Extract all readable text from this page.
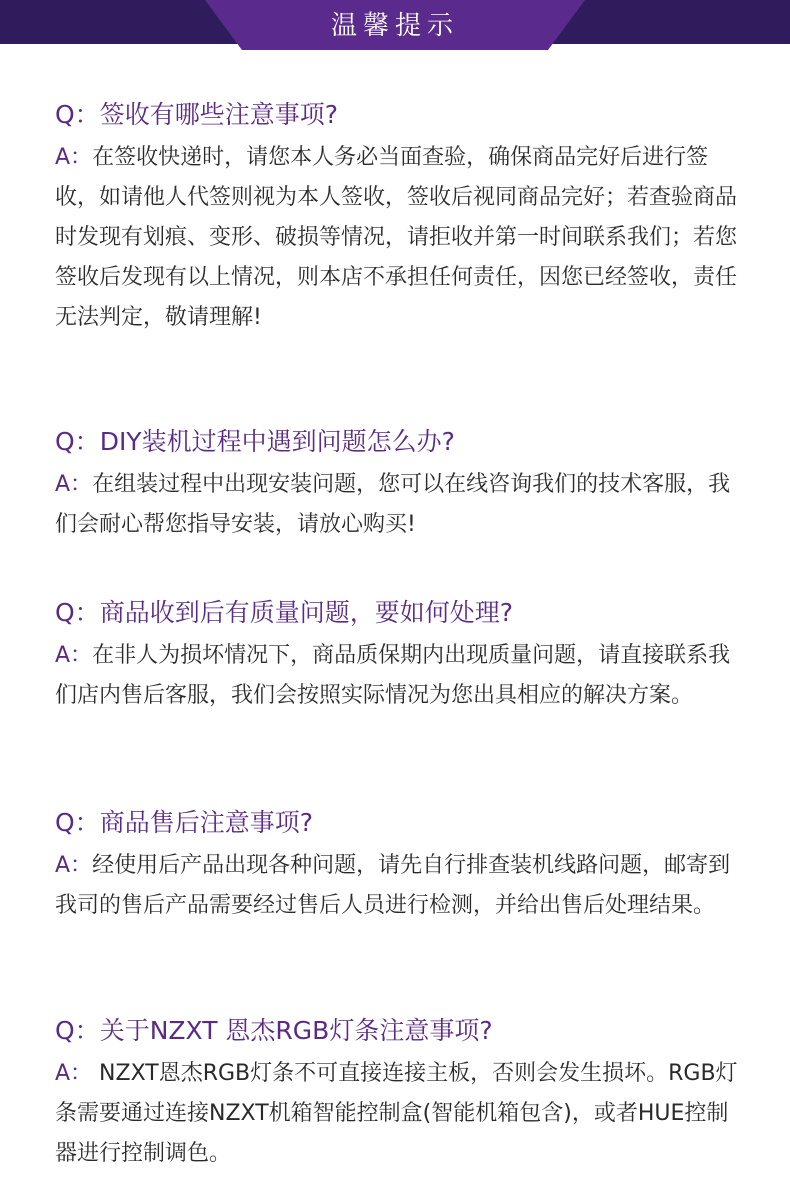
温馨提示
Q：签收有哪些注意事项?
A：在签收快递时，请您本人务必当面查验，确保商品完好后进行签收，如请他人代签则视为本人签收，签收后视同商品完好；若查验商品时发现有划痕、变形、破损等情况，请拒收并第一时间联系我们；若您签收后发现有以上情况，则本店不承担任何责任，因您已经签收，责任无法判定，敬请理解!
Q：DIY装机过程中遇到问题怎么办?
A：在组装过程中出现安装问题，您可以在线咨询我们的技术客服，我们会耐心帮您指导安装，请放心购买!
Q：商品收到后有质量问题，要如何处理?
A：在非人为损坏情况下，商品质保期内出现质量问题，请直接联系我们店内售后客服，我们会按照实际情况为您出具相应的解决方案。
Q：商品售后注意事项?
A：经使用后产品出现各种问题，请先自行排查装机线路问题，邮寄到我司的售后产品需要经过售后人员进行检测，并给出售后处理结果。
Q：关于NZXT 恩杰RGB灯条注意事项?
A： NZXT恩杰RGB灯条不可直接连接主板，否则会发生损坏。RGB灯条需要通过连接NZXT机箱智能控制盒(智能机箱包含)，或者HUE控制器进行控制调色。
